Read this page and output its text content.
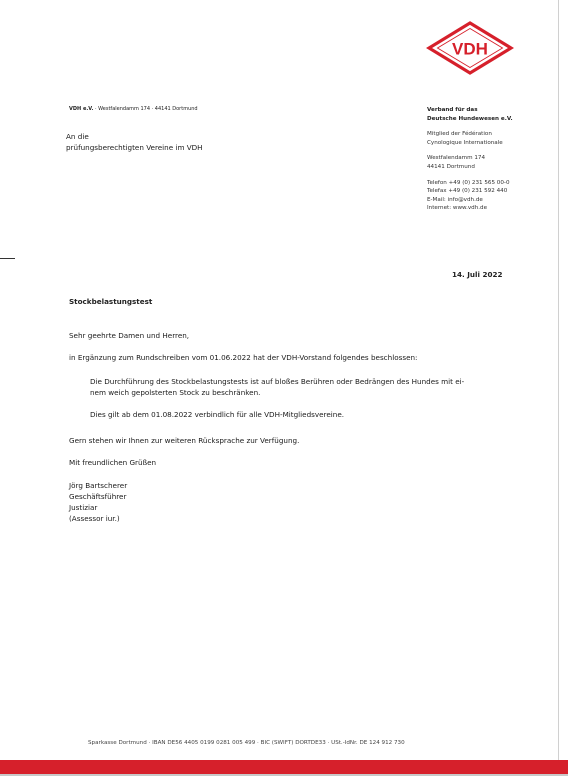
VDH
VDH e.V. · Westfalendamm 174 · 44141 Dortmund
An die
prüfungsberechtigten Vereine im VDH
Verband für das
Deutsche Hundewesen e.V.
Mitglied der Fédération
Cynologique Internationale
Westfalendamm 174
44141 Dortmund
Telefon +49 (0) 231 565 00-0
Telefax +49 (0) 231 592 440
E-Mail: info@vdh.de
Internet: www.vdh.de
14. Juli 2022
Stockbelastungstest
Sehr geehrte Damen und Herren,
in Ergänzung zum Rundschreiben vom 01.06.2022 hat der VDH-Vorstand folgendes beschlossen:
Die Durchführung des Stockbelastungstests ist auf bloßes Berühren oder Bedrängen des Hundes mit ei-
nem weich gepolsterten Stock zu beschränken.
Dies gilt ab dem 01.08.2022 verbindlich für alle VDH-Mitgliedsvereine.
Gern stehen wir Ihnen zur weiteren Rücksprache zur Verfügung.
Mit freundlichen Grüßen
Jörg Bartscherer
Geschäftsführer
Justiziar
(Assessor iur.)
Sparkasse Dortmund · IBAN DE56 4405 0199 0281 005 499 · BIC (SWIFT) DORTDE33 · USt.-IdNr. DE 124 912 730
